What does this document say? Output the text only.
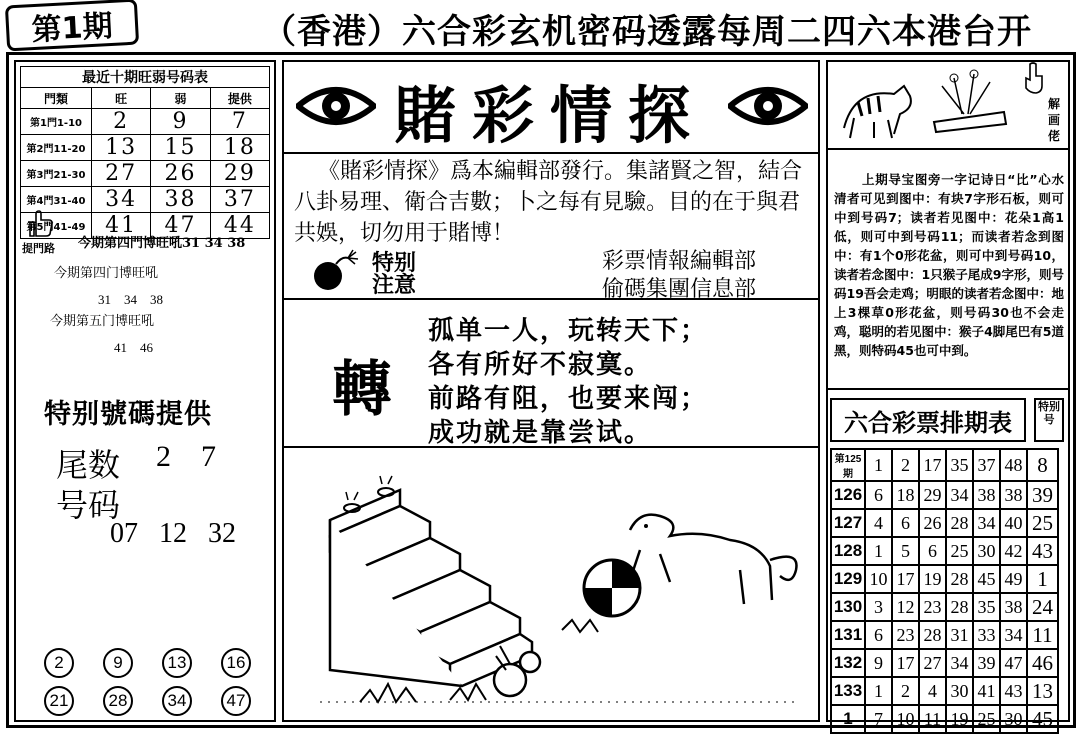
第1期	（香港）六合彩玄机密码透露每周二四六本港台开
最近十期旺弱号码表			
門類	旺	弱	提供
第1門1-10	2	9	7
第2門11-20	13	15	18
第3門21-30	27	26	29
第4門31-40	34	38	37
第5門41-49	41	47	44
提門路 今期第四門博旺吼31 34 38
今期第四门博旺吼
31    34    38
今期第五门博旺吼
41    46
特别號碼提供
尾数 2    7
号码
07   12   32
2	9	13	16
21	28	34	47
賭彩情探
《賭彩情探》爲本編輯部發行。集諸賢之智，結合八卦易理、衛合吉數；卜之每有見驗。目的在于與君共娛，切勿用于賭博！
特别
注意
彩票情報編輯部
偷碼集團信息部
轉
孤单一人，玩转天下；
各有所好不寂寞。
前路有阻，也要来闯；
成功就是靠尝试。
解画佬
上期导宝图旁一字记诗日“比”心水清者可见到图中：有块7字形石板，则可中到号码7；读者若见图中：花朵1高1低，则可中到号码11；而读者若念到图中：有1个0形花盆，则可中到号码10，读者若念图中：1只猴子尾成9字形，则号码19吾会走鸡；明眼的读者若念图中：地上3棵草0形花盆，则号码30也不会走鸡，聪明的若见图中：猴子4脚尾巴有5道黑，则特码45也可中到。
六合彩票排期表
特别号
第125期	1	2	17	35	37	48	8
126	6	18	29	34	38	38	39
127	4	6	26	28	34	40	25
128	1	5	6	25	30	42	43
129	10	17	19	28	45	49	1
130	3	12	23	28	35	38	24
131	6	23	28	31	33	34	11
132	9	17	27	34	39	47	46
133	1	2	4	30	41	43	13
1	7	10	11	19	25	30	45
